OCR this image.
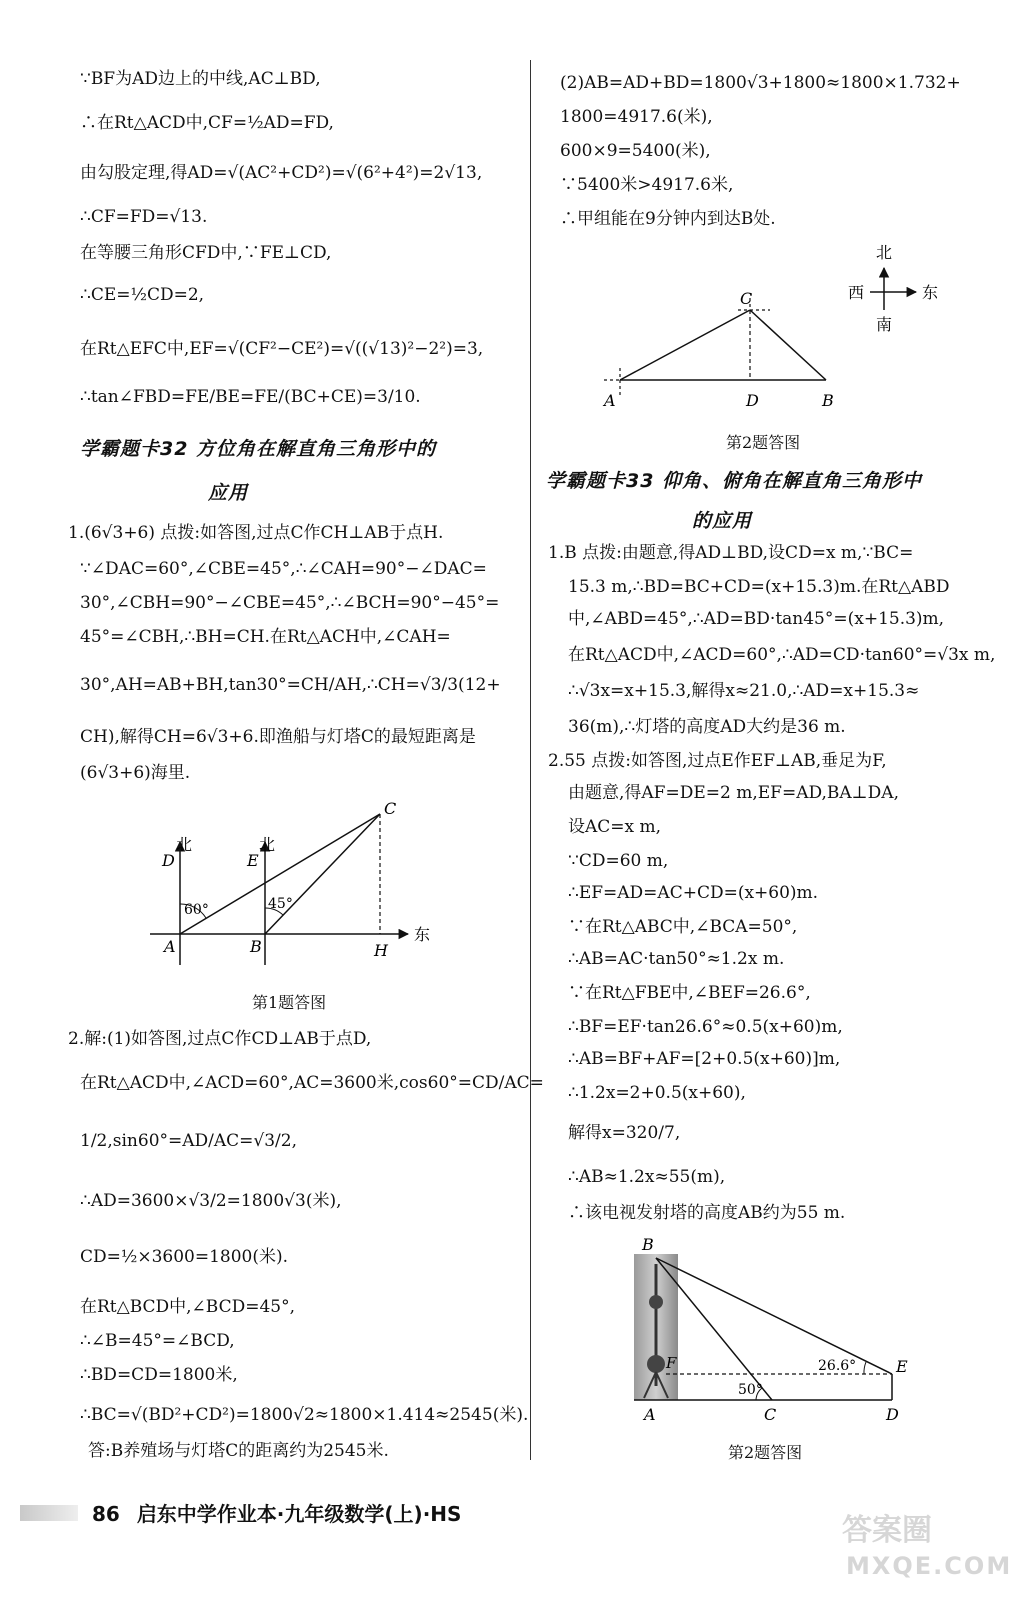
∵BF为AD边上的中线,AC⊥BD,
∴在Rt△ACD中,CF=½AD=FD,
由勾股定理,得AD=√(AC²+CD²)=√(6²+4²)=2√13,
∴CF=FD=√13.
在等腰三角形CFD中,∵FE⊥CD,
∴CE=½CD=2,
在Rt△EFC中,EF=√(CF²−CE²)=√((√13)²−2²)=3,
∴tan∠FBD=FE/BE=FE/(BC+CE)=3/10.
学霸题卡32 方位角在解直角三角形中的
应用
1.(6√3+6) 点拨:如答图,过点C作CH⊥AB于点H.
∵∠DAC=60°,∠CBE=45°,∴∠CAH=90°−∠DAC=
30°,∠CBH=90°−∠CBE=45°,∴∠BCH=90°−45°=
45°=∠CBH,∴BH=CH.在Rt△ACH中,∠CAH=
30°,AH=AB+BH,tan30°=CH/AH,∴CH=√3/3(12+
CH),解得CH=6√3+6.即渔船与灯塔C的最短距离是
(6√3+6)海里.
北	北
D	E
60°	45°
A	B	H
C
东
第1题答图
2.解:(1)如答图,过点C作CD⊥AB于点D,
在Rt△ACD中,∠ACD=60°,AC=3600米,cos60°=CD/AC=
1/2,sin60°=AD/AC=√3/2,
∴AD=3600×√3/2=1800√3(米),
CD=½×3600=1800(米).
在Rt△BCD中,∠BCD=45°,
∴∠B=45°=∠BCD,
∴BD=CD=1800米,
∴BC=√(BD²+CD²)=1800√2≈1800×1.414≈2545(米).
答:B养殖场与灯塔C的距离约为2545米.
(2)AB=AD+BD=1800√3+1800≈1800×1.732+
1800=4917.6(米),
600×9=5400(米),
∵5400米>4917.6米,
∴甲组能在9分钟内到达B处.
C
A	D	B
北
西	东
南
第2题答图
学霸题卡33 仰角、俯角在解直角三角形中
的应用
1.B 点拨:由题意,得AD⊥BD,设CD=x m,∵BC=
15.3 m,∴BD=BC+CD=(x+15.3)m.在Rt△ABD
中,∠ABD=45°,∴AD=BD·tan45°=(x+15.3)m,
在Rt△ACD中,∠ACD=60°,∴AD=CD·tan60°=√3x m,
∴√3x=x+15.3,解得x≈21.0,∴AD=x+15.3≈
36(m),∴灯塔的高度AD大约是36 m.
2.55 点拨:如答图,过点E作EF⊥AB,垂足为F,
由题意,得AF=DE=2 m,EF=AD,BA⊥DA,
设AC=x m,
∵CD=60 m,
∴EF=AD=AC+CD=(x+60)m.
∵在Rt△ABC中,∠BCA=50°,
∴AB=AC·tan50°≈1.2x m.
∵在Rt△FBE中,∠BEF=26.6°,
∴BF=EF·tan26.6°≈0.5(x+60)m,
∴AB=BF+AF=[2+0.5(x+60)]m,
∴1.2x=2+0.5(x+60),
解得x=320/7,
∴AB≈1.2x≈55(m),
∴该电视发射塔的高度AB约为55 m.
B
F	E
A	C	D
50°
26.6°
第2题答图
86 启东中学作业本·九年级数学(上)·HS	答案圈
MXQE.COM
